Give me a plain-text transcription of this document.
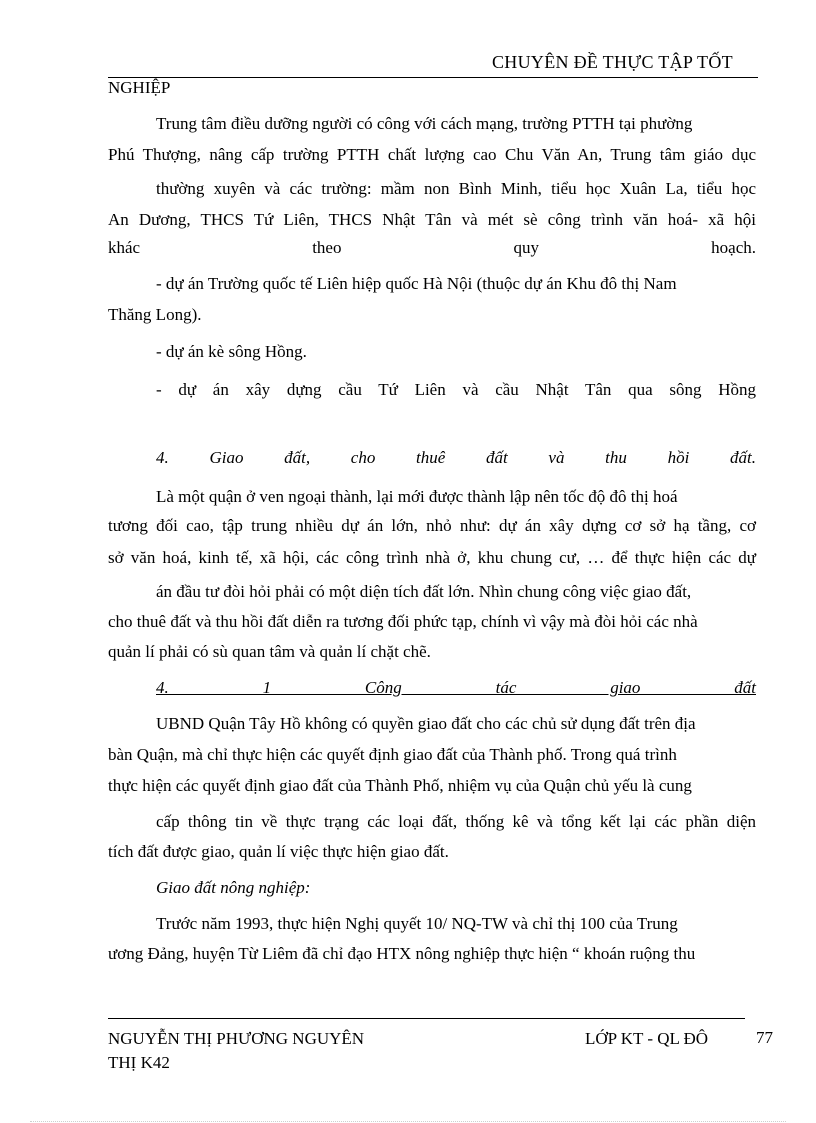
CHUYÊN ĐỀ THỰC TẬP TỐT
NGHIỆP
Trung tâm điều dưỡng người có công với cách mạng, trường PTTH tại phường
Phú Thượng, nâng cấp trường PTTH chất lượng cao Chu Văn An, Trung tâm giáo dục
thường xuyên và các trường: mầm non Bình Minh, tiểu học Xuân La, tiểu học
An Dương, THCS Tứ Liên, THCS Nhật Tân và mét sè công trình văn hoá- xã hội
khác theo quy hoạch.
- dự án Trường quốc tế Liên hiệp quốc Hà Nội (thuộc dự án Khu đô thị Nam
Thăng Long).
- dự án kè sông Hồng.
- dự án xây dựng cầu Tứ Liên và cầu Nhật Tân qua sông Hồng
4. Giao đất, cho thuê đất và thu hồi đất.
Là một quận ở ven ngoại thành, lại mới được thành lập nên tốc độ đô thị hoá
tương đối cao, tập trung nhiều dự án lớn, nhỏ như: dự án xây dựng cơ sở hạ tầng, cơ
sở văn hoá, kinh tế, xã hội, các công trình nhà ở, khu chung cư, … để thực hiện các dự
án đầu tư đòi hỏi phải có một diện tích đất lớn. Nhìn chung công việc giao đất,
cho thuê đất và thu hồi đất diễn ra tương đối phức tạp, chính vì vậy mà đòi hỏi các nhà
quản lí phải có sù quan tâm và quản lí chặt chẽ.
4. 1 Công tác giao đất
UBND Quận Tây Hồ không có quyền giao đất cho các chủ sử dụng đất trên địa
bàn Quận, mà chỉ thực hiện các quyết định giao đất của Thành phố. Trong quá trình
thực hiện các quyết định giao đất của Thành Phố, nhiệm vụ của Quận chủ yếu là cung
cấp thông tin về thực trạng các loại đất, thống kê và tổng kết lại các phần diện
tích đất được giao, quản lí việc thực hiện giao đất.
Giao đất nông nghiệp:
Trước năm 1993, thực hiện Nghị quyết 10/ NQ-TW và chỉ thị 100 của Trung
ương Đảng, huyện Từ Liêm đã chỉ đạo HTX nông nghiệp thực hiện “ khoán ruộng thu
NGUYỄN THỊ PHƯƠNG NGUYÊN
THỊ K42
LỚP KT - QL ĐÔ	77
